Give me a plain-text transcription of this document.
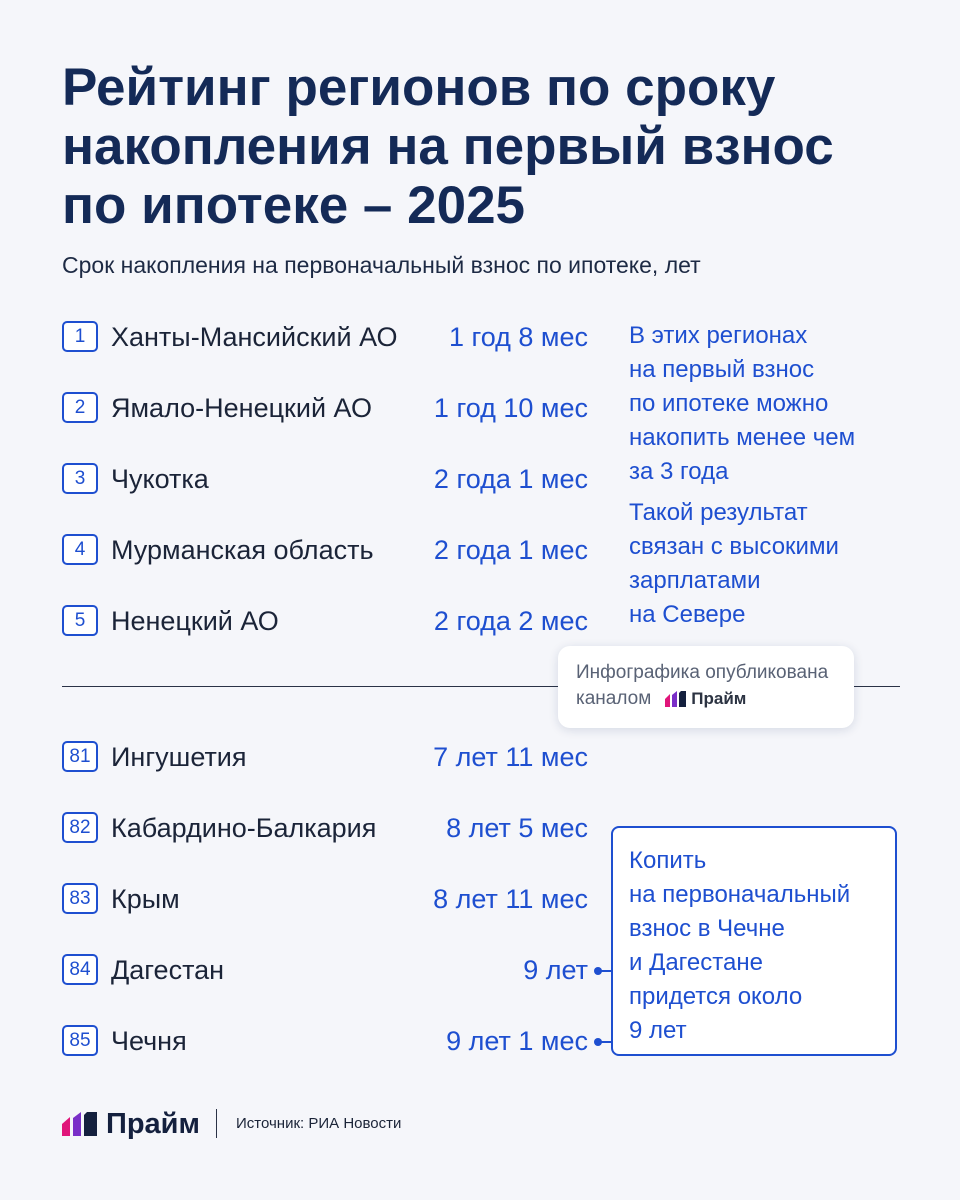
Рейтинг регионов по сроку
накопления на первый взнос
по ипотеке – 2025
Срок накопления на первоначальный взнос по ипотеке, лет
1 Ханты-Мансийский АО 1 год 8 мес
2 Ямало-Ненецкий АО 1 год 10 мес
3 Чукотка	2 года 1 мес
4 Мурманская область 2 года 1 мес
5 Ненецкий АО	2 года 2 мес
В этих регионах
на первый взнос
по ипотеке можно
накопить менее чем
за 3 года
Такой результат
связан с высокими
зарплатами
на Севере
Инфографика опубликована
каналом Прайм
81 Ингушетия	7 лет 11 мес
82 Кабардино-Балкария	8 лет 5 мес
83 Крым	8 лет 11 мес
84 Дагестан	9 лет
85 Чечня	9 лет 1 мес
Копить
на первоначальный
взнос в Чечне
и Дагестане
придется около
9 лет
Прайм Источник: РИА Новости
